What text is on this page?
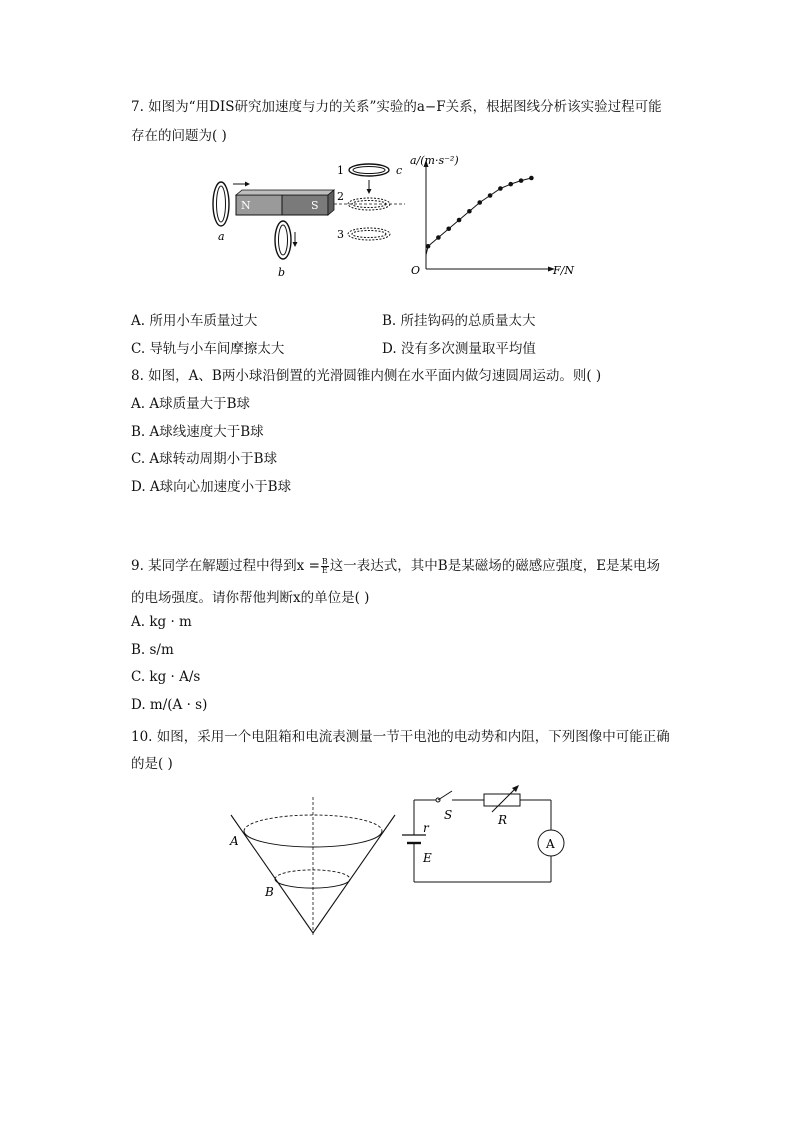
7. 如图为“用DIS研究加速度与力的关系”实验的a−F关系，根据图线分析该实验过程可能
存在的问题为( )
a
N	S
b
1	c
2
3
a/(m·s⁻²)
F/N
O
A. 所用小车质量过大	B. 所挂钩码的总质量太大
C. 导轨与小车间摩擦太大	D. 没有多次测量取平均值
8. 如图，A、B两小球沿倒置的光滑圆锥内侧在水平面内做匀速圆周运动。则( )
A. A球质量大于B球
B. A球线速度大于B球
C. A球转动周期小于B球
D. A球向心加速度小于B球
9. 某同学在解题过程中得到$x = \frac{B}{E}$ 这一表达式，其中B是某磁场的磁感应强度，E是某电场
的电场强度。请你帮他判断x的单位是( )
A. kg · m
B. s/m
C. kg · A/s
D. m/(A · s)
10. 如图，采用一个电阻箱和电流表测量一节干电池的电动势和内阻，下列图像中可能正确
的是( )
A
B
A
S	R
r
E
